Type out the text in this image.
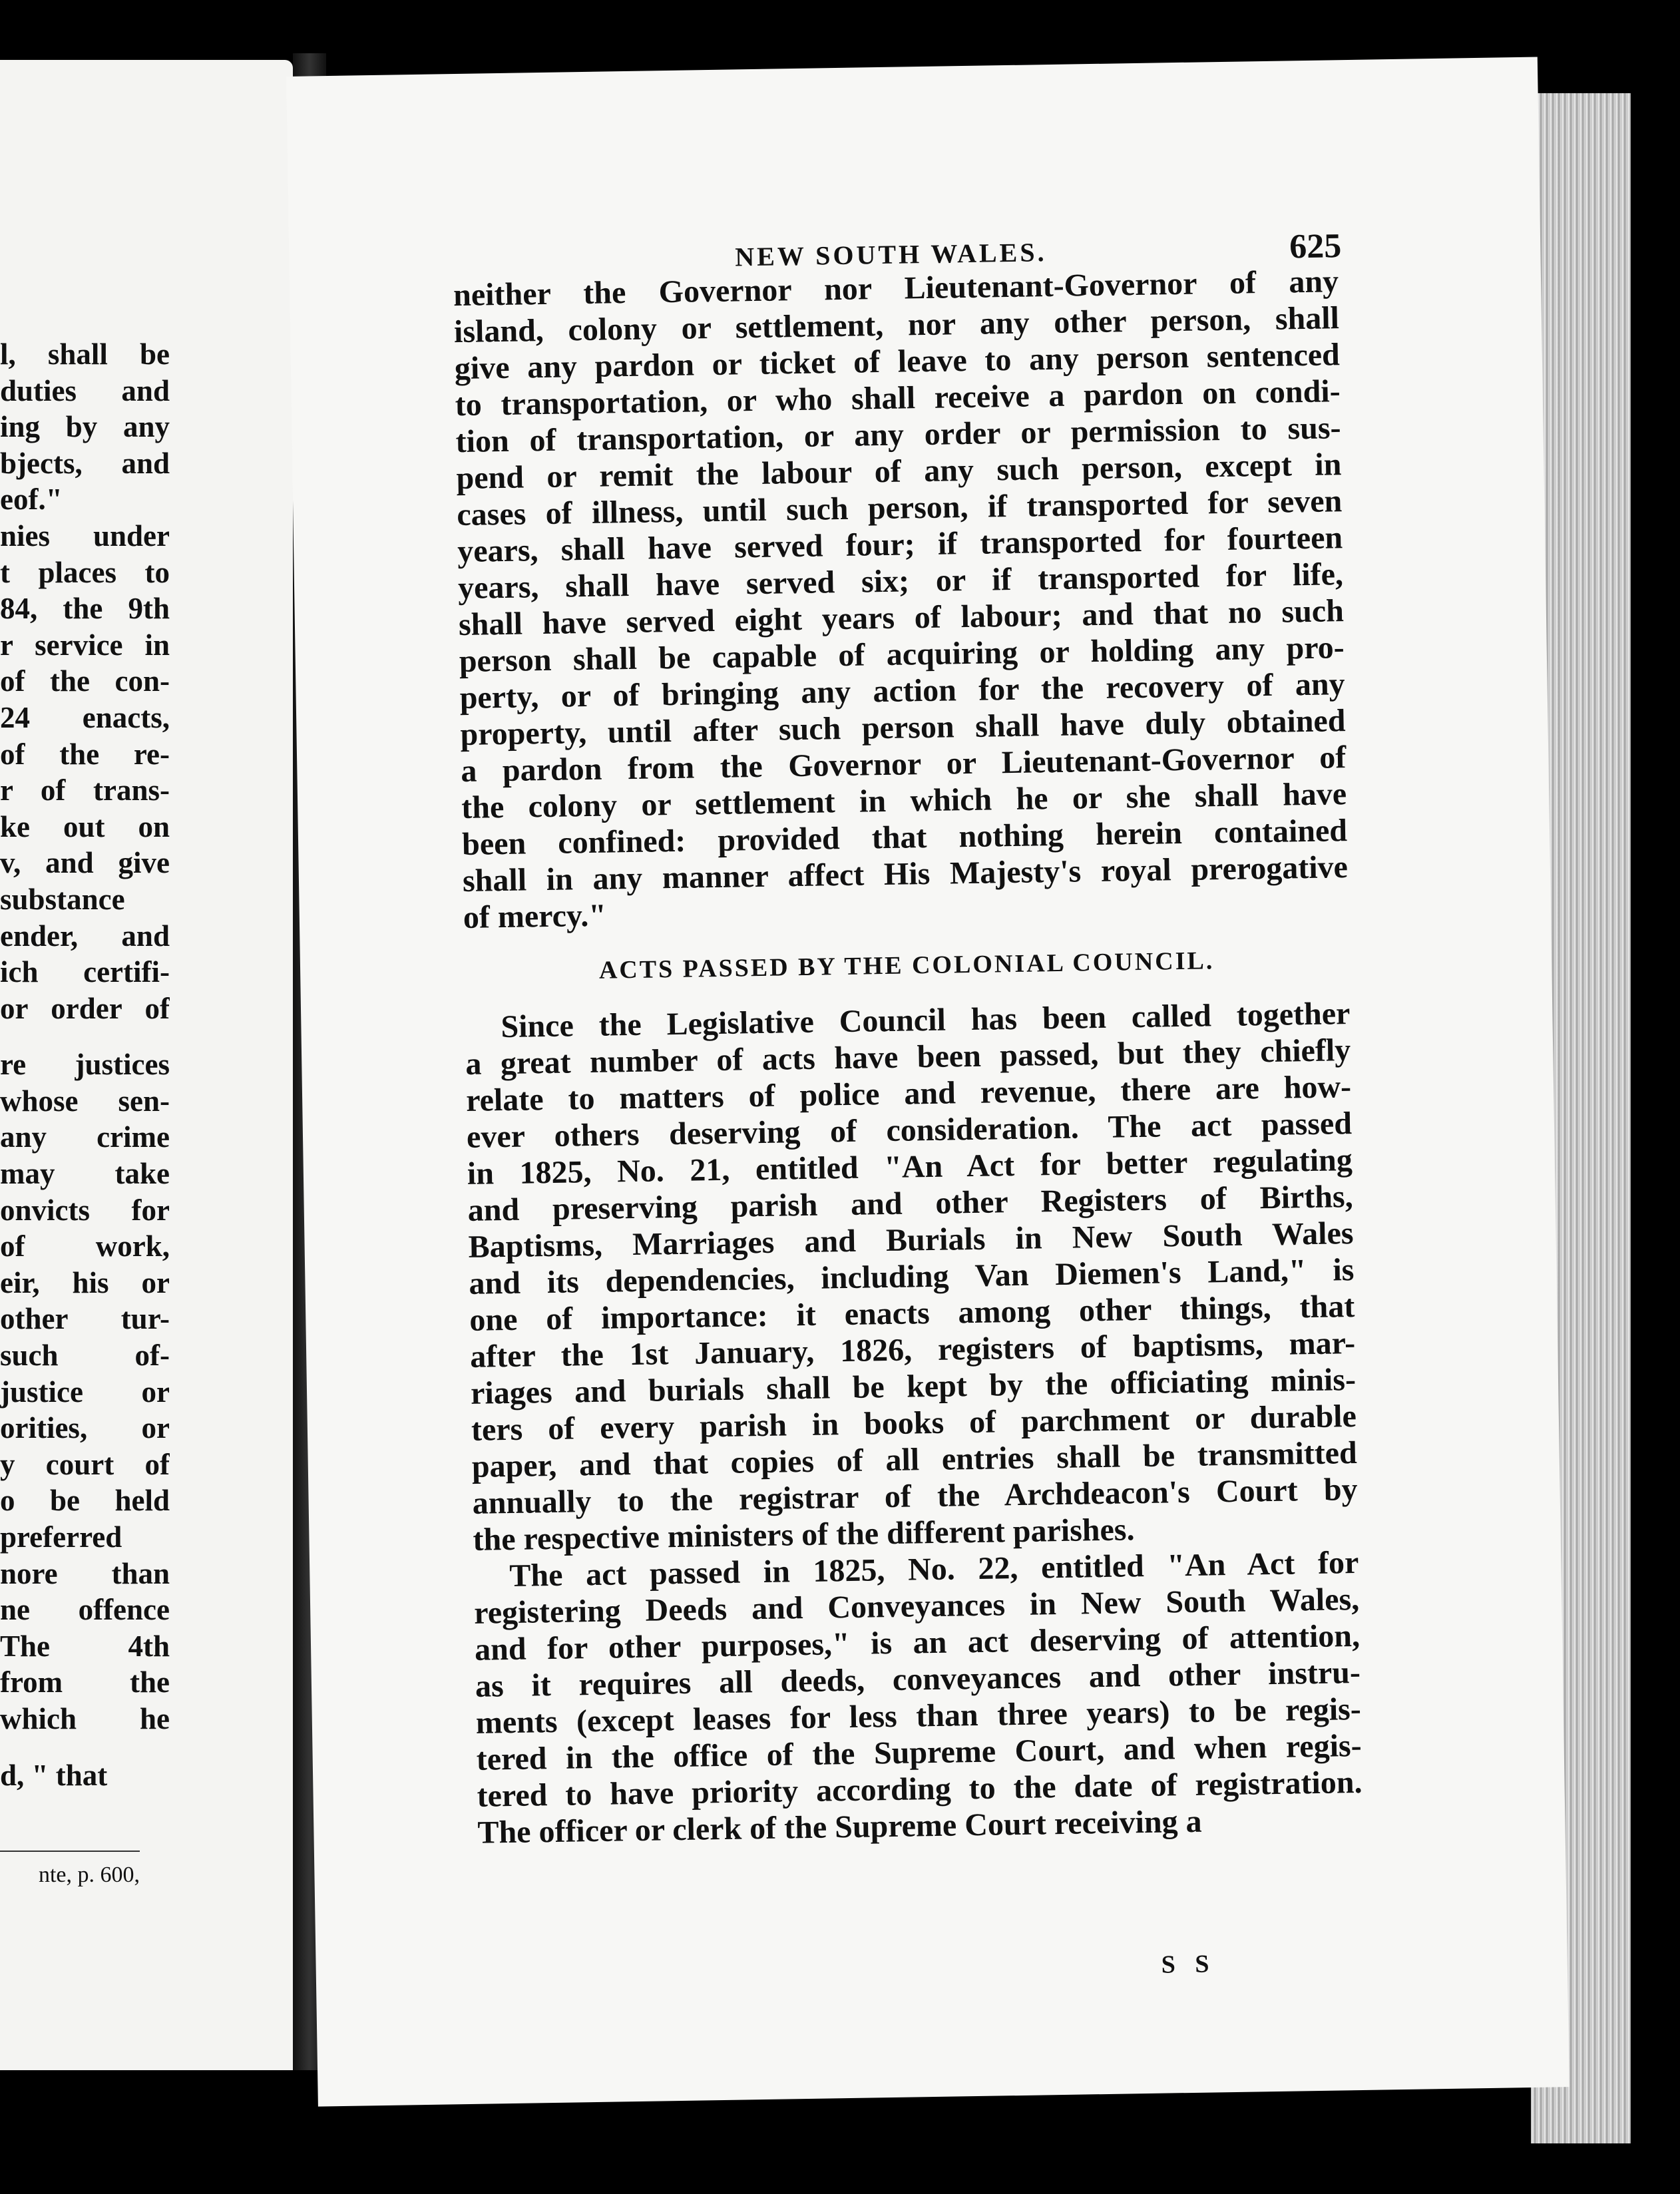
l, shall be
duties and
ing by any
bjects, and
eof."
nies under
t places to
84, the 9th
r service in
of the con-
24 enacts,
of the re-
r of trans-
ke out on
v, and give
substance
ender, and
ich certifi-
or order of
re justices
whose sen-
any crime
may take
onvicts for
of work,
eir, his or
other tur-
such of-
justice or
orities, or
y court of
o be held
preferred
nore than
ne offence
The 4th
from the
which he
d, " that
nte, p. 600,
NEW SOUTH WALES.	625
neither the Governor nor Lieutenant-Governor of any
island, colony or settlement, nor any other person, shall
give any pardon or ticket of leave to any person sentenced
to transportation, or who shall receive a pardon on condi-
tion of transportation, or any order or permission to sus-
pend or remit the labour of any such person, except in
cases of illness, until such person, if transported for seven
years, shall have served four; if transported for fourteen
years, shall have served six; or if transported for life,
shall have served eight years of labour; and that no such
person shall be capable of acquiring or holding any pro-
perty, or of bringing any action for the recovery of any
property, until after such person shall have duly obtained
a pardon from the Governor or Lieutenant-Governor of
the colony or settlement in which he or she shall have
been confined: provided that nothing herein contained
shall in any manner affect His Majesty's royal prerogative
of mercy."
ACTS PASSED BY THE COLONIAL COUNCIL.
Since the Legislative Council has been called together
a great number of acts have been passed, but they chiefly
relate to matters of police and revenue, there are how-
ever others deserving of consideration. The act passed
in 1825, No. 21, entitled "An Act for better regulating
and preserving parish and other Registers of Births,
Baptisms, Marriages and Burials in New South Wales
and its dependencies, including Van Diemen's Land," is
one of importance: it enacts among other things, that
after the 1st January, 1826, registers of baptisms, mar-
riages and burials shall be kept by the officiating minis-
ters of every parish in books of parchment or durable
paper, and that copies of all entries shall be transmitted
annually to the registrar of the Archdeacon's Court by
the respective ministers of the different parishes.
The act passed in 1825, No. 22, entitled "An Act for
registering Deeds and Conveyances in New South Wales,
and for other purposes," is an act deserving of attention,
as it requires all deeds, conveyances and other instru-
ments (except leases for less than three years) to be regis-
tered in the office of the Supreme Court, and when regis-
tered to have priority according to the date of registration.
The officer or clerk of the Supreme Court receiving a
S S
